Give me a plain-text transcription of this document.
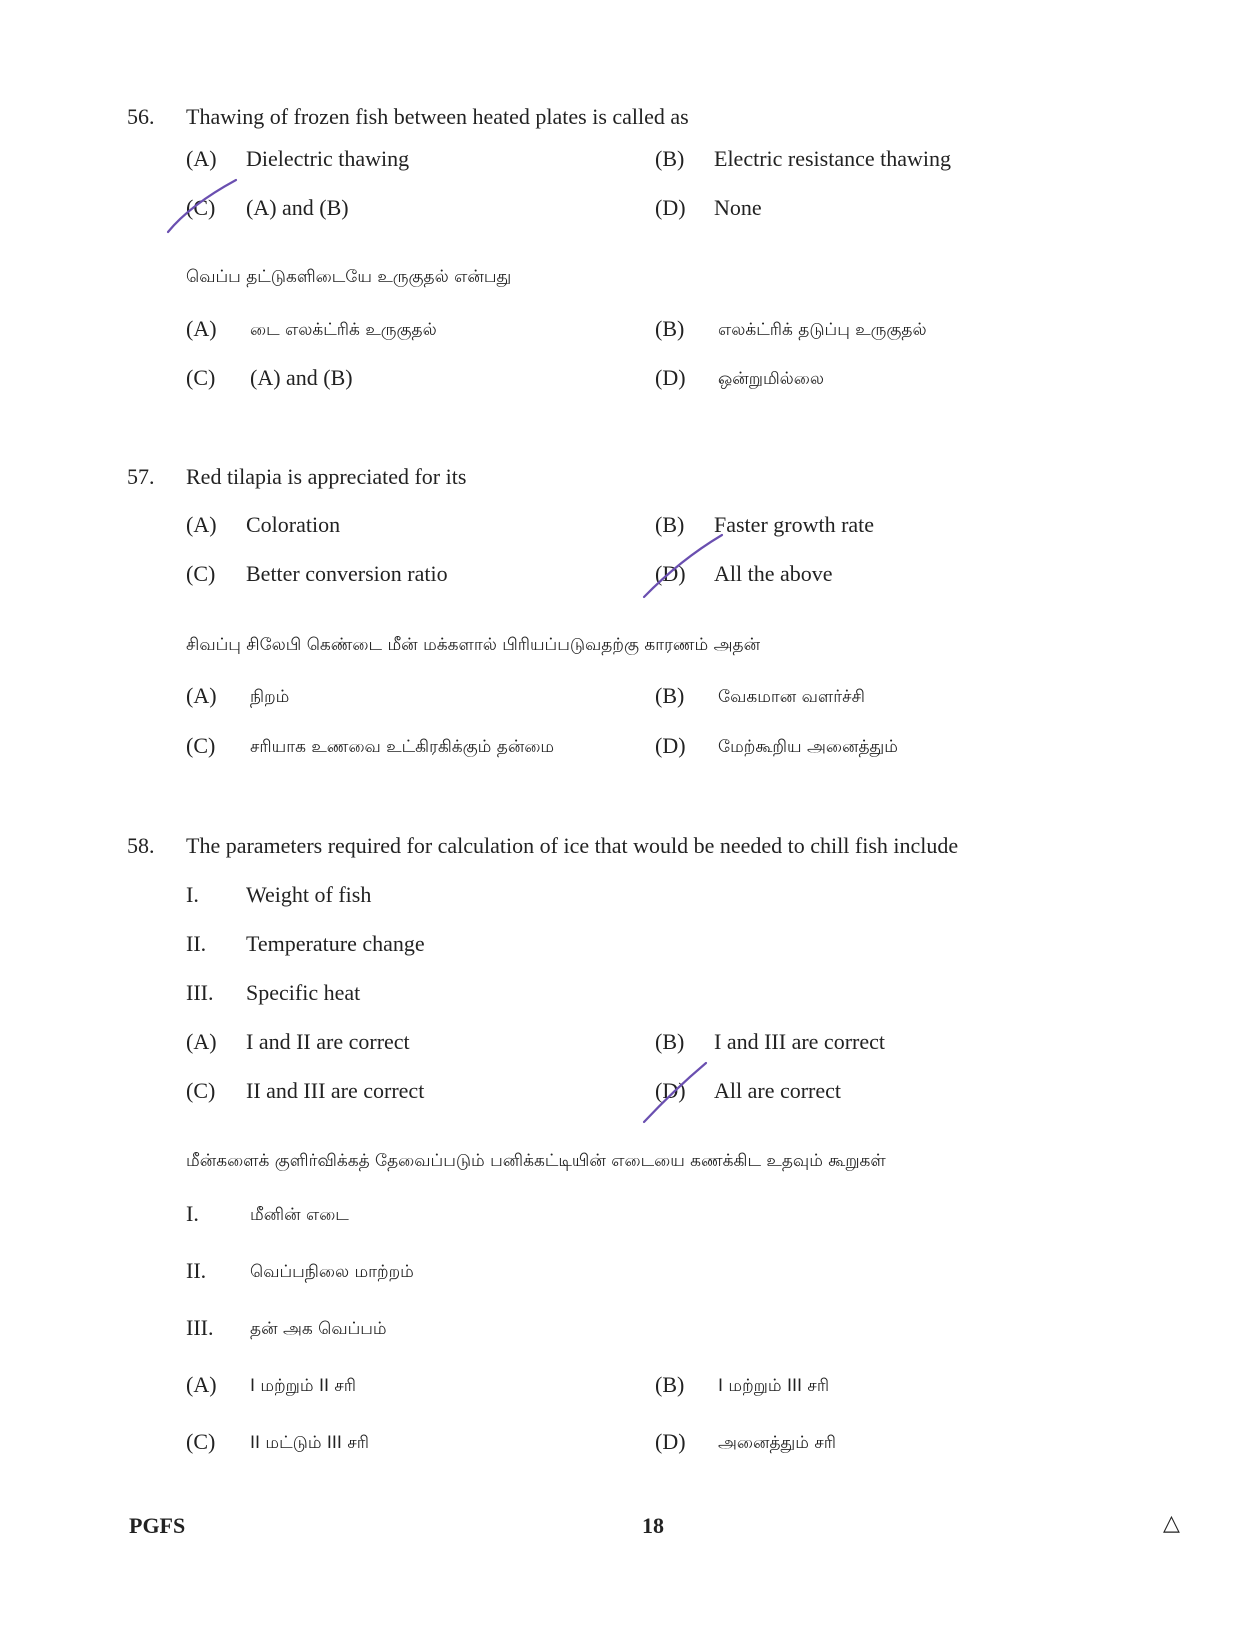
56. Thawing of frozen fish between heated plates is called as
(A) Dielectric thawing	(B) Electric resistance thawing
(C) (A) and (B)	(D) None
வெப்ப தட்டுகளிடையே உருகுதல் என்பது
(A) டை எலக்ட்ரிக் உருகுதல்	(B) எலக்ட்ரிக் தடுப்பு உருகுதல்
(C) (A) and (B)	(D) ஒன்றுமில்லை
57. Red tilapia is appreciated for its
(A) Coloration	(B) Faster growth rate
(C) Better conversion ratio	(D) All the above
சிவப்பு சிலேபி கெண்டை மீன் மக்களால் பிரியப்படுவதற்கு காரணம் அதன்
(A) நிறம்	(B) வேகமான வளர்ச்சி
(C) சரியாக உணவை உட்கிரகிக்கும் தன்மை	(D) மேற்கூறிய அனைத்தும்
58. The parameters required for calculation of ice that would be needed to chill fish include
I. Weight of fish
II. Temperature change
III. Specific heat
(A) I and II are correct	(B) I and III are correct
(C) II and III are correct	(D) All are correct
மீன்களைக் குளிர்விக்கத் தேவைப்படும் பனிக்கட்டியின் எடையை கணக்கிட உதவும் கூறுகள்
I.	மீனின் எடை
II.	வெப்பநிலை மாற்றம்
III. தன் அக வெப்பம்
(A) I மற்றும் II சரி	(B) I மற்றும் III சரி
(C) II மட்டும் III சரி	(D) அனைத்தும் சரி
PGFS	18	△
